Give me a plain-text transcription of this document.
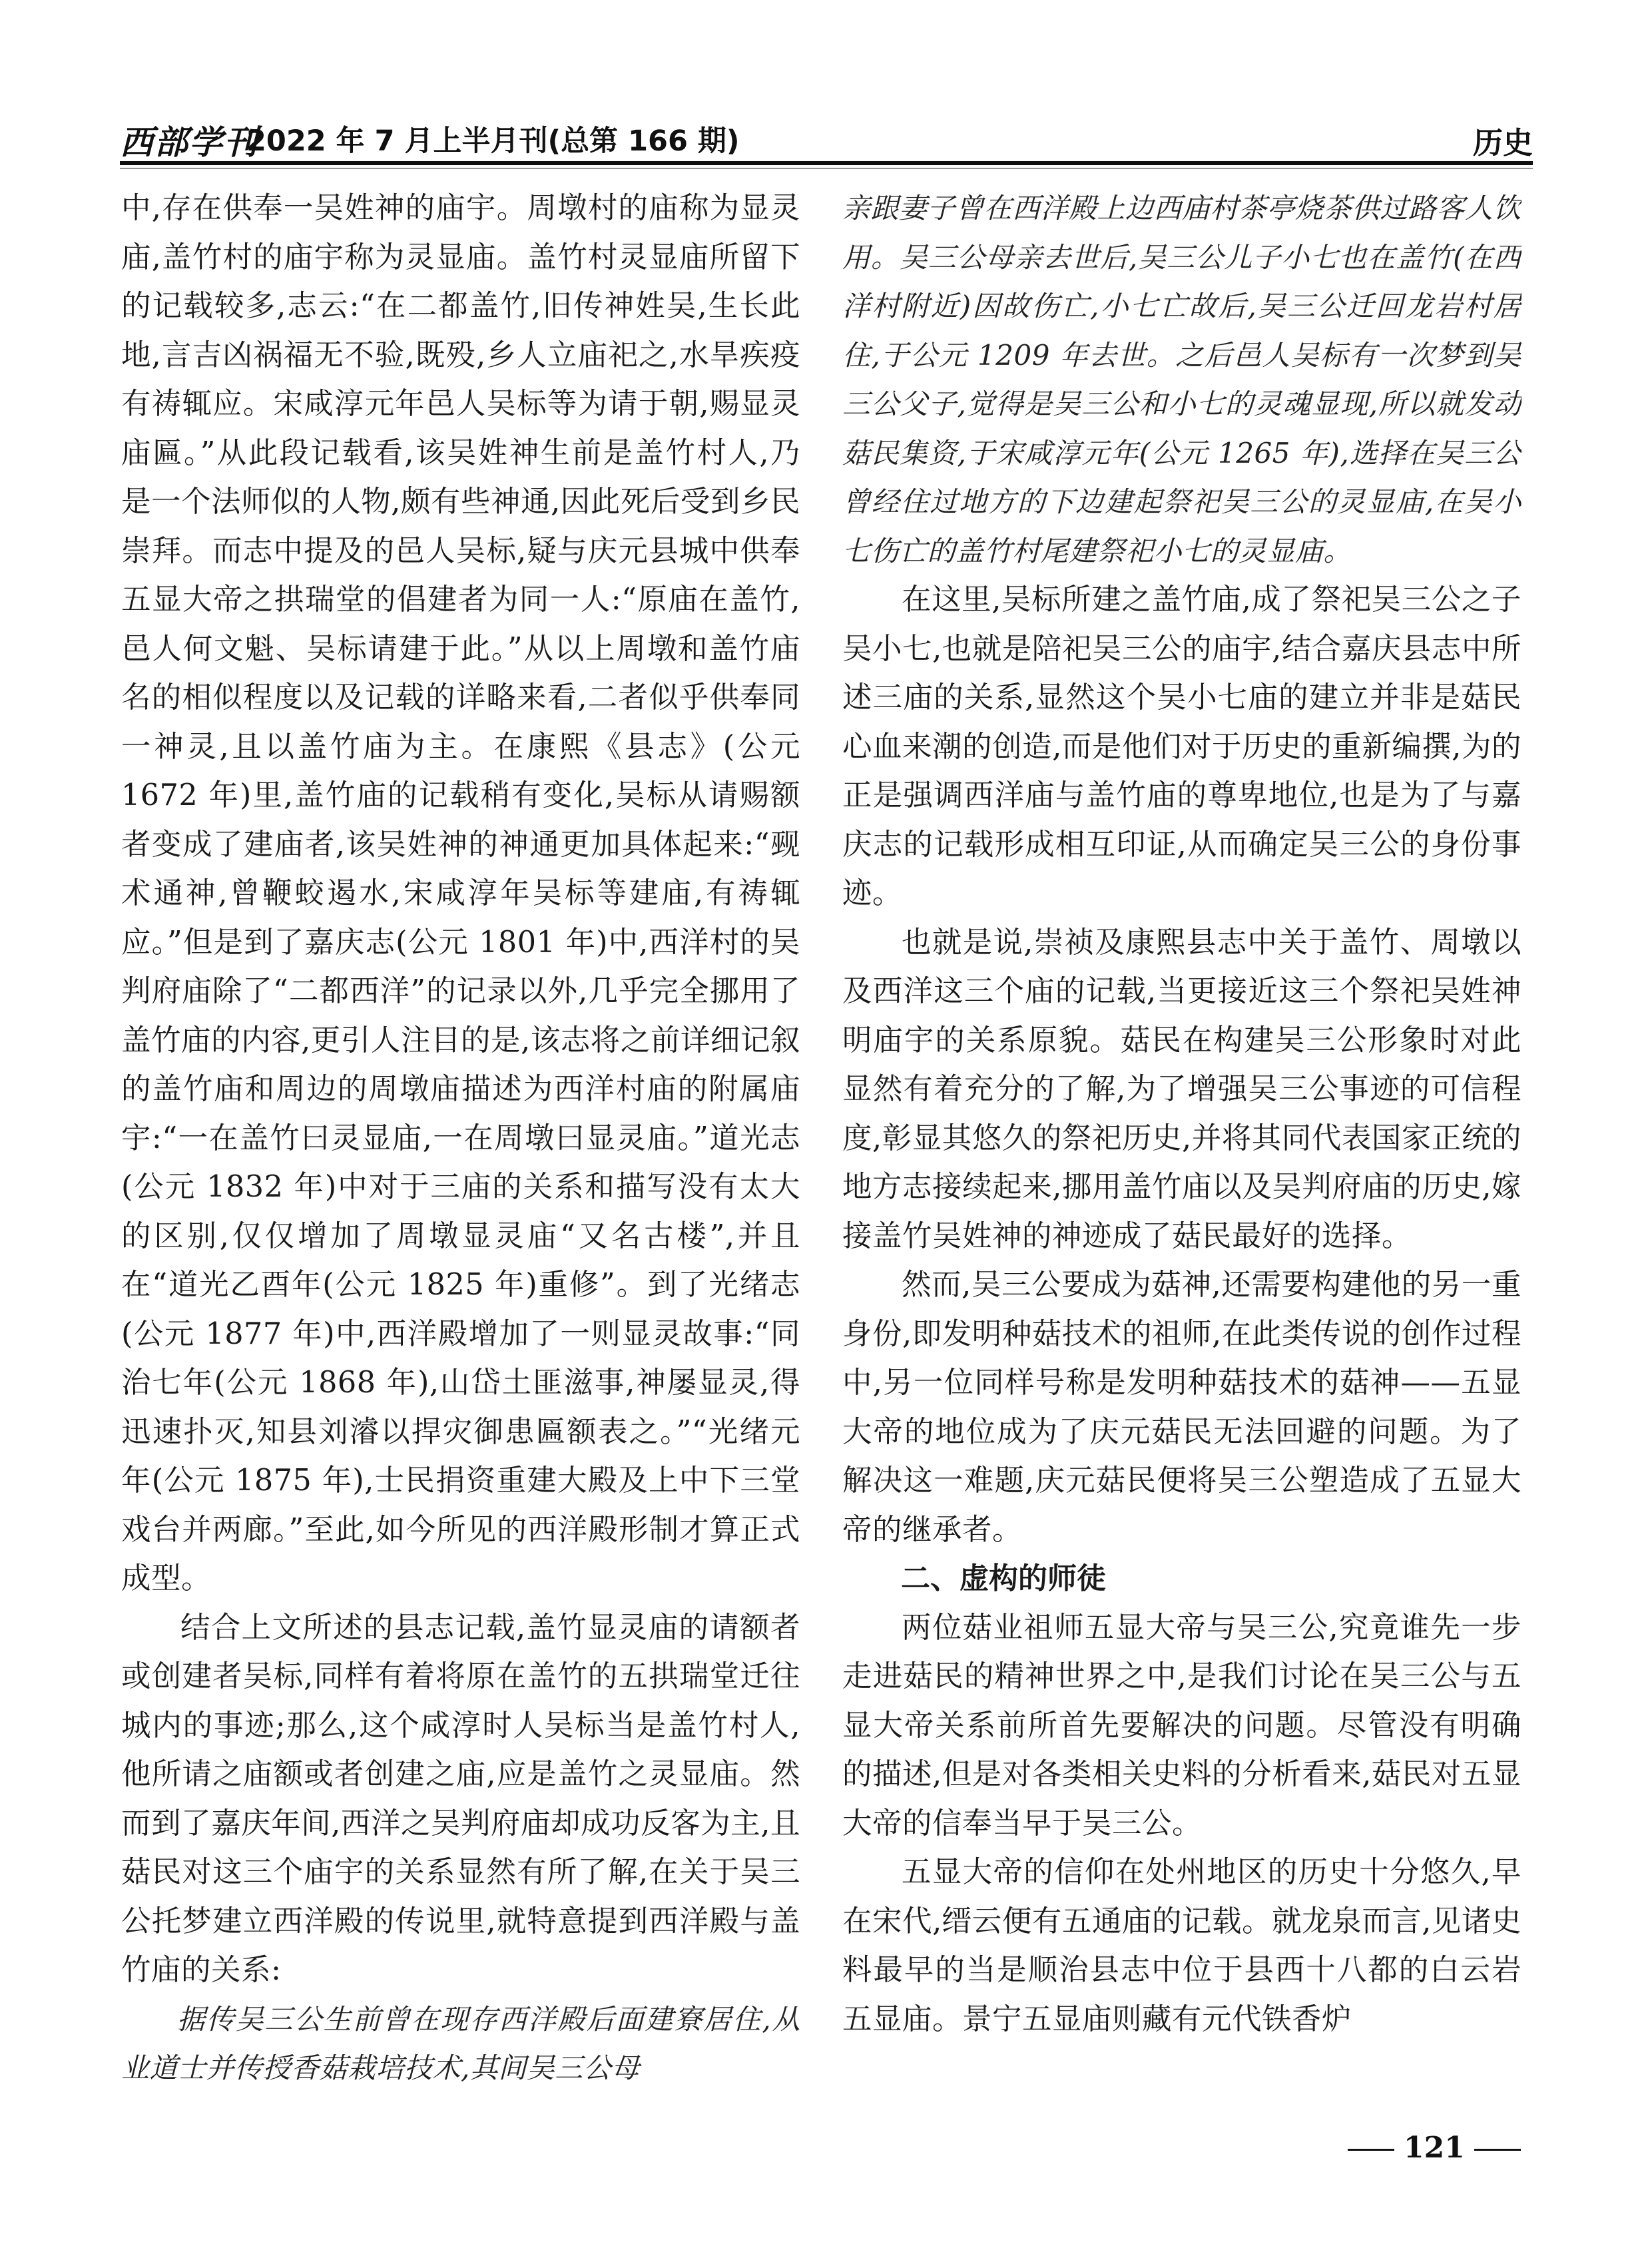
西部学刊
2022 年 7 月上半月刊(总第 166 期)	历史

中,存在供奉一吴姓神的庙宇。周墩村的庙称为显灵庙,盖竹村的庙宇称为灵显庙。盖竹村灵显庙所留下的记载较多,志云:“在二都盖竹,旧传神姓吴,生长此地,言吉凶祸福无不验,既殁,乡人立庙祀之,水旱疾疫有祷辄应。宋咸淳元年邑人吴标等为请于朝,赐显灵庙匾。”从此段记载看,该吴姓神生前是盖竹村人,乃是一个法师似的人物,颇有些神通,因此死后受到乡民崇拜。而志中提及的邑人吴标,疑与庆元县城中供奉五显大帝之拱瑞堂的倡建者为同一人:“原庙在盖竹,邑人何文魁、吴标请建于此。”从以上周墩和盖竹庙名的相似程度以及记载的详略来看,二者似乎供奉同一神灵,且以盖竹庙为主。在康熙《县志》(公元 1672 年)里,盖竹庙的记载稍有变化,吴标从请赐额者变成了建庙者,该吴姓神的神通更加具体起来:“觋术通神,曾鞭蛟遏水,宋咸淳年吴标等建庙,有祷辄应。”但是到了嘉庆志(公元 1801 年)中,西洋村的吴判府庙除了“二都西洋”的记录以外,几乎完全挪用了盖竹庙的内容,更引人注目的是,该志将之前详细记叙的盖竹庙和周边的周墩庙描述为西洋村庙的附属庙宇:“一在盖竹曰灵显庙,一在周墩曰显灵庙。”道光志(公元 1832 年)中对于三庙的关系和描写没有太大的区别,仅仅增加了周墩显灵庙“又名古楼”,并且在“道光乙酉年(公元 1825 年)重修”。到了光绪志(公元 1877 年)中,西洋殿增加了一则显灵故事:“同治七年(公元 1868 年),山岱土匪滋事,神屡显灵,得迅速扑灭,知县刘濬以捍灾御患匾额表之。”“光绪元年(公元 1875 年),士民捐资重建大殿及上中下三堂戏台并两廊。”至此,如今所见的西洋殿形制才算正式成型。

结合上文所述的县志记载,盖竹显灵庙的请额者或创建者吴标,同样有着将原在盖竹的五拱瑞堂迁往城内的事迹;那么,这个咸淳时人吴标当是盖竹村人,他所请之庙额或者创建之庙,应是盖竹之灵显庙。然而到了嘉庆年间,西洋之吴判府庙却成功反客为主,且菇民对这三个庙宇的关系显然有所了解,在关于吴三公托梦建立西洋殿的传说里,就特意提到西洋殿与盖竹庙的关系:

据传吴三公生前曾在现存西洋殿后面建寮居住,从业道士并传授香菇栽培技术,其间吴三公母

亲跟妻子曾在西洋殿上边西庙村茶亭烧茶供过路客人饮用。吴三公母亲去世后,吴三公儿子小七也在盖竹(在西洋村附近)因故伤亡,小七亡故后,吴三公迁回龙岩村居住,于公元 1209 年去世。之后邑人吴标有一次梦到吴三公父子,觉得是吴三公和小七的灵魂显现,所以就发动菇民集资,于宋咸淳元年(公元 1265 年),选择在吴三公曾经住过地方的下边建起祭祀吴三公的灵显庙,在吴小七伤亡的盖竹村尾建祭祀小七的灵显庙。

在这里,吴标所建之盖竹庙,成了祭祀吴三公之子吴小七,也就是陪祀吴三公的庙宇,结合嘉庆县志中所述三庙的关系,显然这个吴小七庙的建立并非是菇民心血来潮的创造,而是他们对于历史的重新编撰,为的正是强调西洋庙与盖竹庙的尊卑地位,也是为了与嘉庆志的记载形成相互印证,从而确定吴三公的身份事迹。

也就是说,崇祯及康熙县志中关于盖竹、周墩以及西洋这三个庙的记载,当更接近这三个祭祀吴姓神明庙宇的关系原貌。菇民在构建吴三公形象时对此显然有着充分的了解,为了增强吴三公事迹的可信程度,彰显其悠久的祭祀历史,并将其同代表国家正统的地方志接续起来,挪用盖竹庙以及吴判府庙的历史,嫁接盖竹吴姓神的神迹成了菇民最好的选择。

然而,吴三公要成为菇神,还需要构建他的另一重身份,即发明种菇技术的祖师,在此类传说的创作过程中,另一位同样号称是发明种菇技术的菇神——五显大帝的地位成为了庆元菇民无法回避的问题。为了解决这一难题,庆元菇民便将吴三公塑造成了五显大帝的继承者。

二、虚构的师徒

两位菇业祖师五显大帝与吴三公,究竟谁先一步走进菇民的精神世界之中,是我们讨论在吴三公与五显大帝关系前所首先要解决的问题。尽管没有明确的描述,但是对各类相关史料的分析看来,菇民对五显大帝的信奉当早于吴三公。

五显大帝的信仰在处州地区的历史十分悠久,早在宋代,缙云便有五通庙的记载。就龙泉而言,见诸史料最早的当是顺治县志中位于县西十八都的白云岩五显庙。景宁五显庙则藏有元代铁香炉

121
